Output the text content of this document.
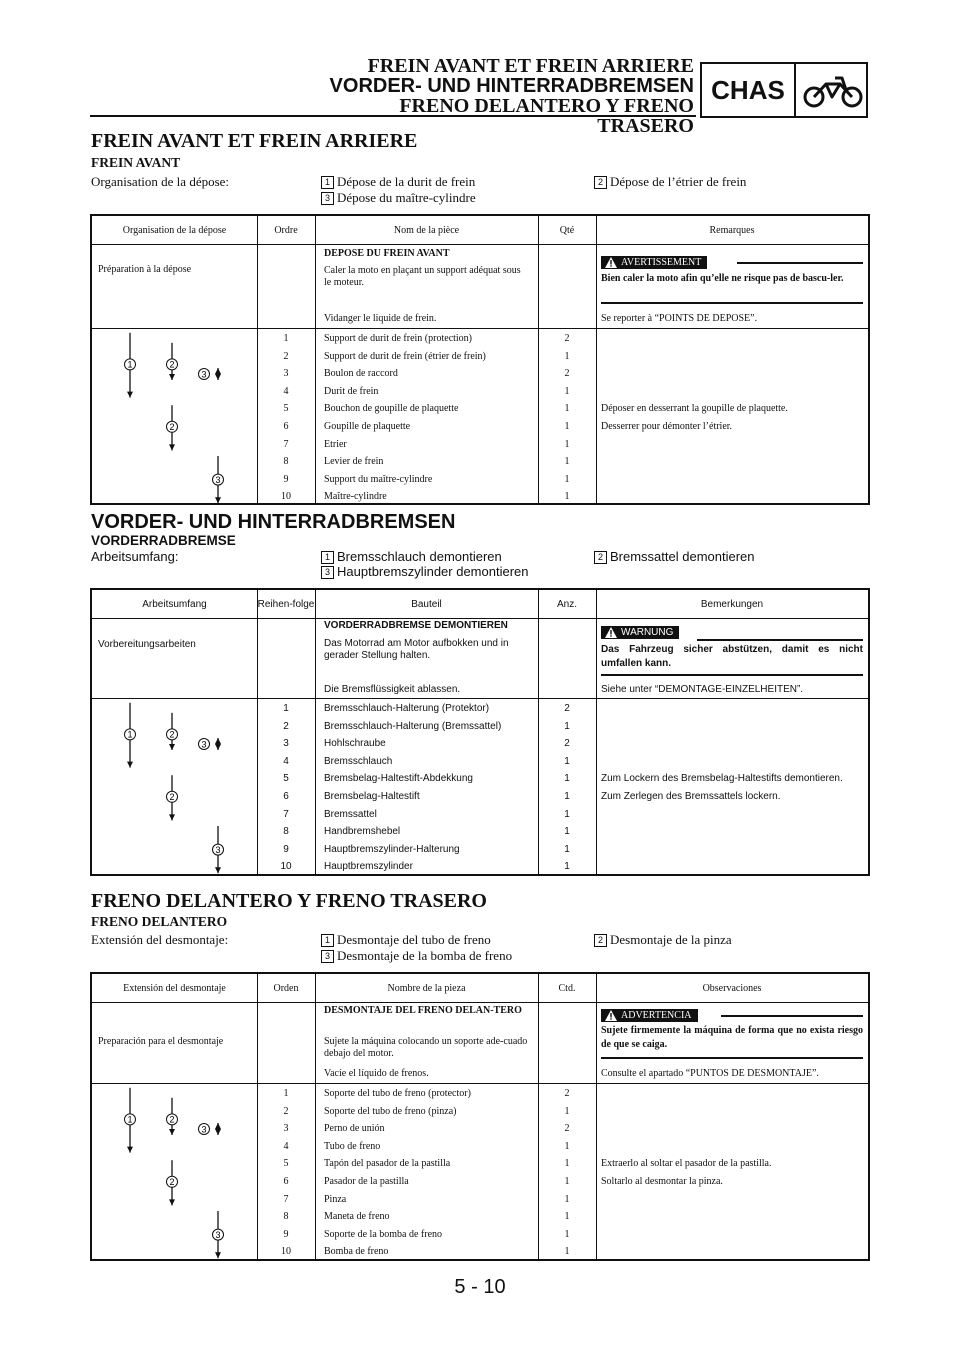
FREIN AVANT ET FREIN ARRIERE
VORDER- UND HINTERRADBREMSEN
FRENO DELANTERO Y FRENO TRASERO
CHAS
FREIN AVANT ET FREIN ARRIERE
FREIN AVANT
Organisation de la dépose:	1 Dépose de la durit de frein	2 Dépose de l’étrier de frein
3 Dépose du maître-cylindre
Organisation de la dépose	Ordre	Nom de la pièce	Qté	Remarques
Préparation à la dépose
DEPOSE DU FREIN AVANT
Caler la moto en plaçant un support adéquat sous le moteur.
Vidanger le liquide de frein.
AVERTISSEMENT
Bien caler la moto afin qu’elle ne risque pas de bascu-ler.
Se reporter à “POINTS DE DEPOSE”.
1	Support de durit de frein (protection)	2
2	Support de durit de frein (étrier de frein)	1
3	Boulon de raccord	2
4	Durit de frein	1
5	Bouchon de goupille de plaquette	1	Déposer en desserrant la goupille de plaquette.
6	Goupille de plaquette	1	Desserrer pour démonter l’étrier.
7	Etrier	1
8	Levier de frein	1
9	Support du maître-cylindre	1
10	Maître-cylindre	1
1	2
3
2
3
VORDER- UND HINTERRADBREMSEN
VORDERRADBREMSE
Arbeitsumfang:	1 Bremsschlauch demontieren	2 Bremssattel demontieren
3 Hauptbremszylinder demontieren
Arbeitsumfang	Reihen-folge	Bauteil	Anz.	Bemerkungen
Vorbereitungsarbeiten
VORDERRADBREMSE DEMONTIEREN
Das Motorrad am Motor aufbokken und in gerader Stellung halten.
Die Bremsflüssigkeit ablassen.
WARNUNG
Das Fahrzeug sicher abstützen, damit es nicht umfallen kann.
Siehe unter “DEMONTAGE-EINZELHEITEN”.
1	Bremsschlauch-Halterung (Protektor)	2
2	Bremsschlauch-Halterung (Bremssattel)	1
3	Hohlschraube	2
4	Bremsschlauch	1
5	Bremsbelag-Haltestift-Abdekkung	1	Zum Lockern des Bremsbelag-Haltestifts demontieren.
6	Bremsbelag-Haltestift	1	Zum Zerlegen des Bremssattels lockern.
7	Bremssattel	1
8	Handbremshebel	1
9	Hauptbremszylinder-Halterung	1
10	Hauptbremszylinder	1
1	2
3
2
3
FRENO DELANTERO Y FRENO TRASERO
FRENO DELANTERO
Extensión del desmontaje:	1 Desmontaje del tubo de freno	2 Desmontaje de la pinza
3 Desmontaje de la bomba de freno
Extensión del desmontaje	Orden	Nombre de la pieza	Ctd.	Observaciones
Preparación para el desmontaje
DESMONTAJE DEL FRENO DELAN-TERO
Sujete la máquina colocando un soporte ade-cuado debajo del motor.
Vacíe el líquido de frenos.
ADVERTENCIA
Sujete firmemente la máquina de forma que no exista riesgo de que se caiga.
Consulte el apartado “PUNTOS DE DESMONTAJE”.
1	Soporte del tubo de freno (protector)	2
2	Soporte del tubo de freno (pinza)	1
3	Perno de unión	2
4	Tubo de freno	1
5	Tapón del pasador de la pastilla	1	Extraerlo al soltar el pasador de la pastilla.
6	Pasador de la pastilla	1	Soltarlo al desmontar la pinza.
7	Pinza	1
8	Maneta de freno	1
9	Soporte de la bomba de freno	1
10	Bomba de freno	1
1	2
3
2
3
5 - 10
